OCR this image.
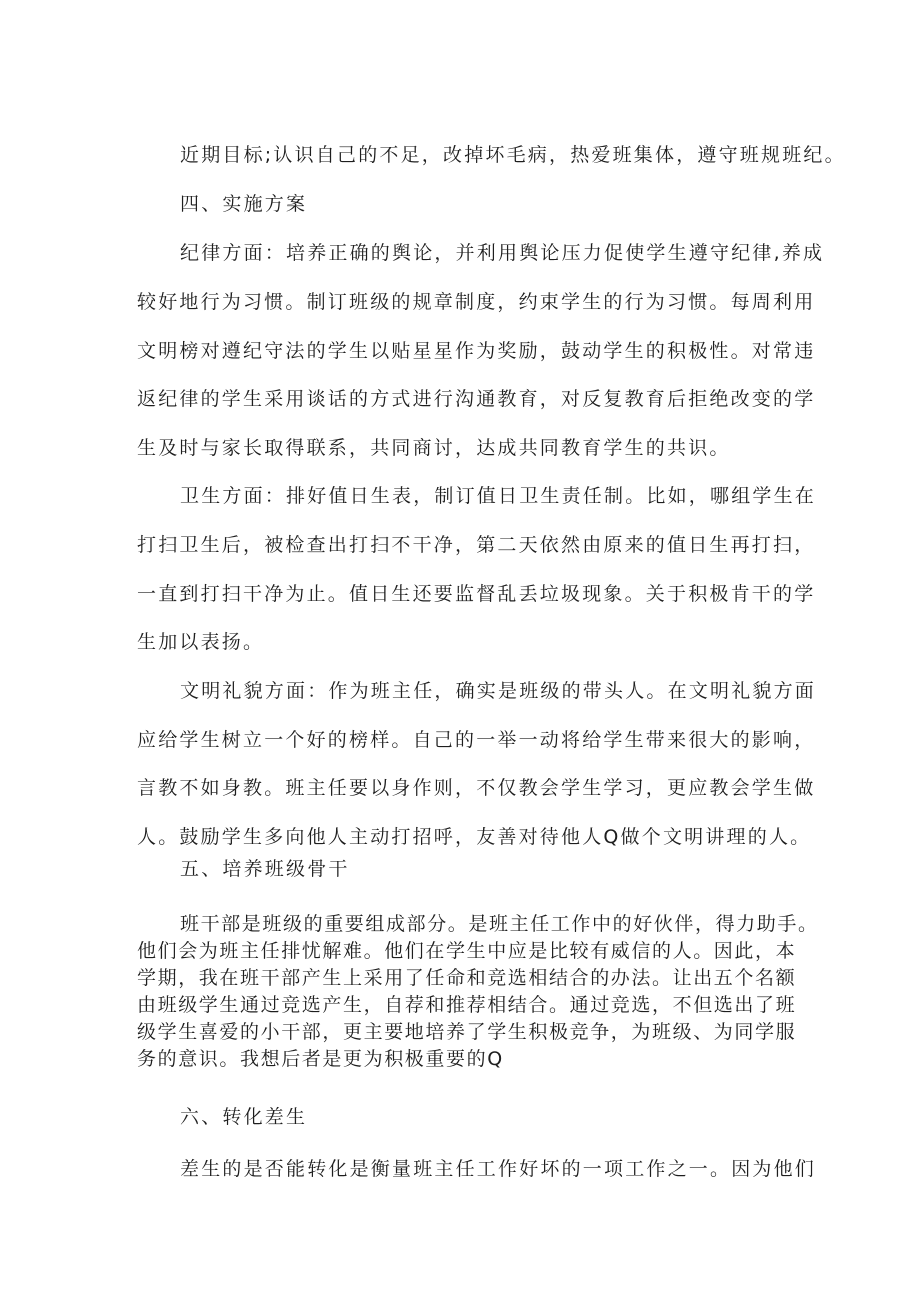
近期目标;认识自己的不足，改掉坏毛病，热爱班集体，遵守班规班纪。

四、实施方案

纪律方面：培养正确的舆论，并利用舆论压力促使学生遵守纪律,养成

较好地行为习惯。制订班级的规章制度，约束学生的行为习惯。每周利用

文明榜对遵纪守法的学生以贴星星作为奖励，鼓动学生的积极性。对常违

返纪律的学生采用谈话的方式进行沟通教育，对反复教育后拒绝改变的学

生及时与家长取得联系，共同商讨，达成共同教育学生的共识。

卫生方面：排好值日生表，制订值日卫生责任制。比如，哪组学生在

打扫卫生后，被检查出打扫不干净，第二天依然由原来的值日生再打扫，

一直到打扫干净为止。值日生还要监督乱丢垃圾现象。关于积极肯干的学

生加以表扬。

文明礼貌方面：作为班主任，确实是班级的带头人。在文明礼貌方面

应给学生树立一个好的榜样。自己的一举一动将给学生带来很大的影响，

言教不如身教。班主任要以身作则，不仅教会学生学习，更应教会学生做

人。鼓励学生多向他人主动打招呼，友善对待他人Q做个文明讲理的人。

五、培养班级骨干

班干部是班级的重要组成部分。是班主任工作中的好伙伴，得力助手。

他们会为班主任排忧解难。他们在学生中应是比较有威信的人。因此，本

学期，我在班干部产生上采用了任命和竞选相结合的办法。让出五个名额

由班级学生通过竞选产生，自荐和推荐相结合。通过竞选，不但选出了班

级学生喜爱的小干部，更主要地培养了学生积极竞争，为班级、为同学服

务的意识。我想后者是更为积极重要的Q

六、转化差生

差生的是否能转化是衡量班主任工作好坏的一项工作之一。因为他们
